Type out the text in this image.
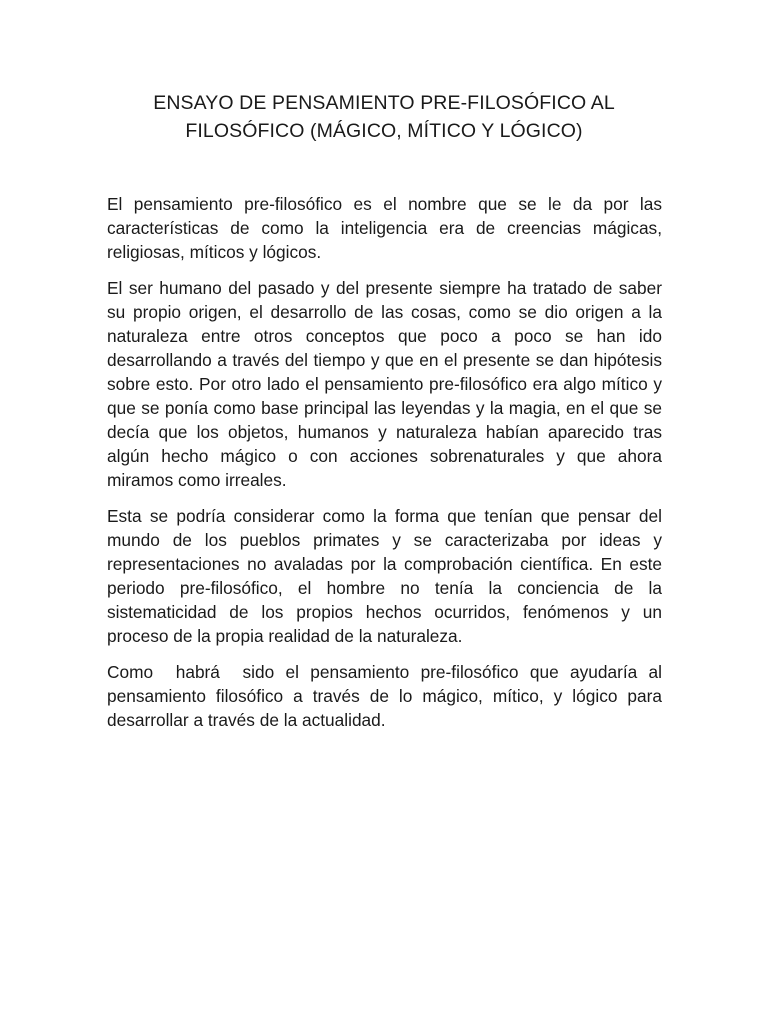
ENSAYO DE PENSAMIENTO PRE-FILOSÓFICO AL
FILOSÓFICO (MÁGICO, MÍTICO Y LÓGICO)

El pensamiento pre-filosófico es el nombre que se le da por las características de como la inteligencia era de creencias mágicas, religiosas, míticos y lógicos.

El ser humano del pasado y del presente siempre ha tratado de saber su propio origen, el desarrollo de las cosas, como se dio origen a la naturaleza entre otros conceptos que poco a poco se han ido desarrollando a través del tiempo y que en el presente se dan hipótesis sobre esto. Por otro lado el pensamiento pre-filosófico era algo mítico y que se ponía como base principal las leyendas y la magia, en el que se decía que los objetos, humanos y naturaleza habían aparecido tras algún hecho mágico o con acciones sobrenaturales y que ahora miramos como irreales.

Esta se podría considerar como la forma que tenían que pensar del mundo de los pueblos primates y se caracterizaba por ideas y representaciones no avaladas por la comprobación científica. En este periodo pre-filosófico, el hombre no tenía la conciencia de la sistematicidad de los propios hechos ocurridos, fenómenos y un proceso de la propia realidad de la naturaleza.

Como  habrá  sido el pensamiento pre-filosófico que ayudaría al pensamiento filosófico a través de lo mágico, mítico, y lógico para desarrollar a través de la actualidad.
